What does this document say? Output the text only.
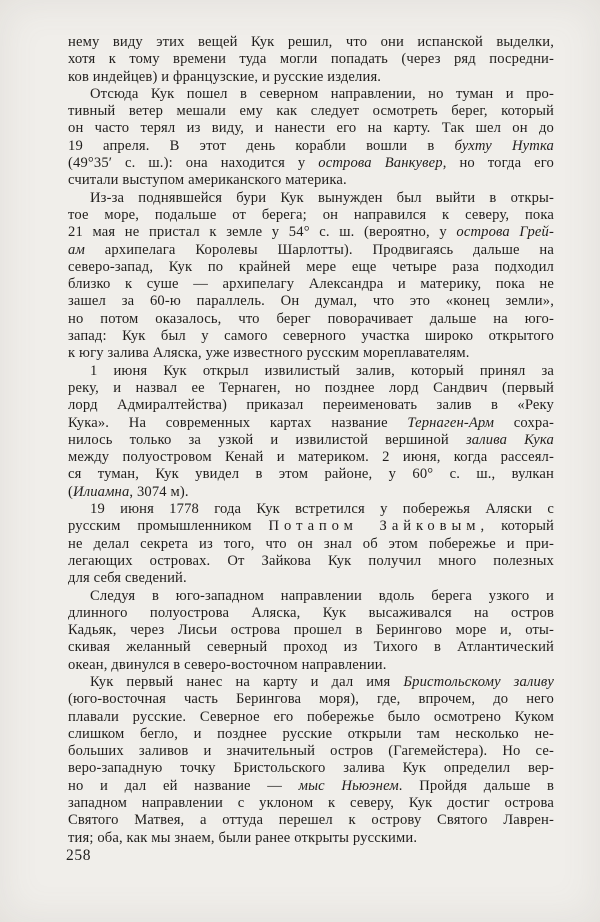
нему виду этих вещей Кук решил, что они испанской выделки,
хотя к тому времени туда могли попадать (через ряд посредни-
ков индейцев) и французские, и русские изделия.
Отсюда Кук пошел в северном направлении, но туман и про-
тивный ветер мешали ему как следует осмотреть берег, который
он часто терял из виду, и нанести его на карту. Так шел он до
19 апреля. В этот день корабли вошли в бухту Нутка
(49°35′ с. ш.): она находится у острова Ванкувер, но тогда его
считали выступом американского материка.
Из-за поднявшейся бури Кук вынужден был выйти в откры-
тое море, подальше от берега; он направился к северу, пока
21 мая не пристал к земле у 54° с. ш. (вероятно, у острова Грей-
ам архипелага Королевы Шарлотты). Продвигаясь дальше на
северо-запад, Кук по крайней мере еще четыре раза подходил
близко к суше — архипелагу Александра и материку, пока не
зашел за 60-ю параллель. Он думал, что это «конец земли»,
но потом оказалось, что берег поворачивает дальше на юго-
запад: Кук был у самого северного участка широко открытого
к югу залива Аляска, уже известного русским мореплавателям.
1 июня Кук открыл извилистый залив, который принял за
реку, и назвал ее Тернаген, но позднее лорд Сандвич (первый
лорд Адмиралтейства) приказал переименовать залив в «Реку
Кука». На современных картах название Тернаген-Арм сохра-
нилось только за узкой и извилистой вершиной залива Кука
между полуостровом Кенай и материком. 2 июня, когда рассеял-
ся туман, Кук увидел в этом районе, у 60° с. ш., вулкан
(Илиамна, 3074 м).
19 июня 1778 года Кук встретился у побережья Аляски с
русским промышленником Потапом Зайковым, который
не делал секрета из того, что он знал об этом побережье и при-
легающих островах. От Зайкова Кук получил много полезных
для себя сведений.
Следуя в юго-западном направлении вдоль берега узкого и
длинного полуострова Аляска, Кук высаживался на остров
Кадьяк, через Лисьи острова прошел в Берингово море и, оты-
скивая желанный северный проход из Тихого в Атлантический
океан, двинулся в северо-восточном направлении.
Кук первый нанес на карту и дал имя Бристольскому заливу
(юго-восточная часть Берингова моря), где, впрочем, до него
плавали русские. Северное его побережье было осмотрено Куком
слишком бегло, и позднее русские открыли там несколько не-
больших заливов и значительный остров (Гагемейстера). Но се-
веро-западную точку Бристольского залива Кук определил вер-
но и дал ей название — мыс Ньюэнем. Пройдя дальше в
западном направлении с уклоном к северу, Кук достиг острова
Святого Матвея, а оттуда перешел к острову Святого Лаврен-
тия; оба, как мы знаем, были ранее открыты русскими.
258
